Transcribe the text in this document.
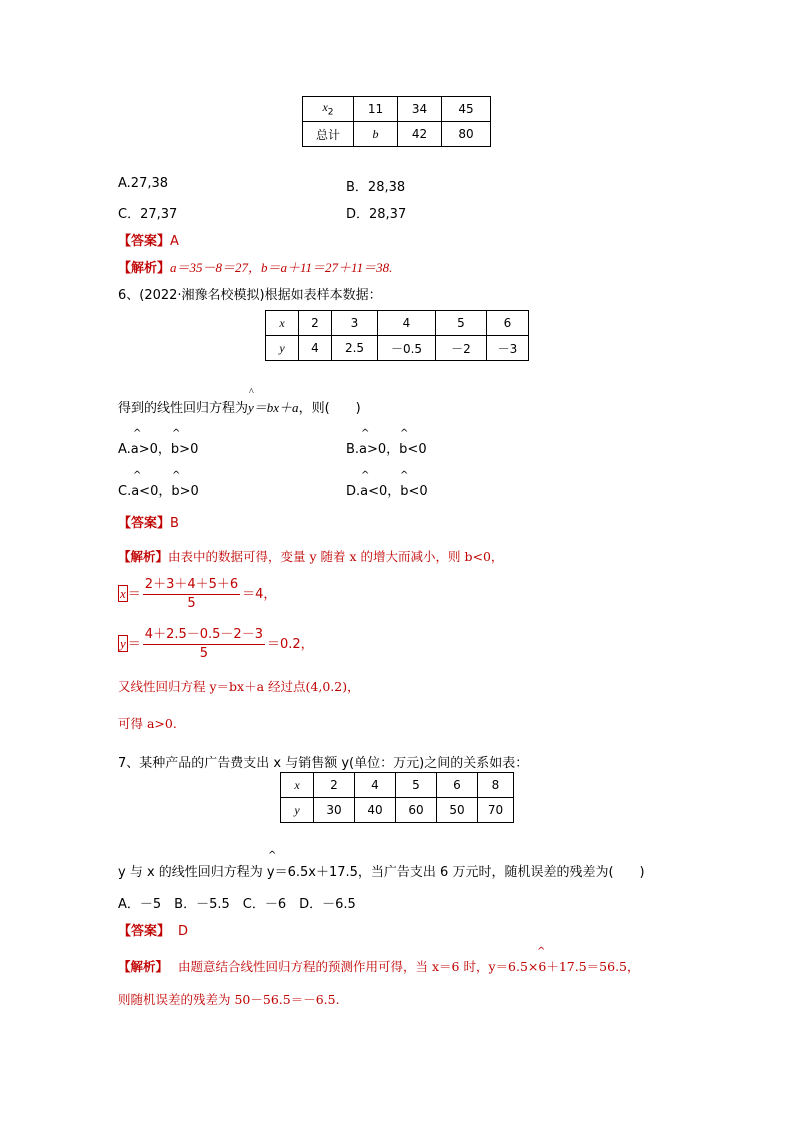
$x_2$	11	34	45
总计	b	42	80
A.27,38	B．28,38
C．27,37	D．28,37
【答案】A
【解析】a＝35－8＝27，b＝a＋11＝27＋11＝38.
6、(2022·湘豫名校模拟)根据如表样本数据：
x	2	3	4	5	6
y	4	2.5	－0.5	－2	－3
得到的线性回归方程为^ y＝bx＋a，则(　　)
A.a>0，b>0	B.a>0，b<0
C.a<0，b>0	D.a<0，b<0
^	^	^	^
^	^	^	^
【答案】B
【解析】由表中的数据可得，变量 y 随着 x 的增大而减小，则 b<0，
$x = \frac{2+3+4+5+6}{5} =4$，
$y = \frac{4+2.5-0.5-2-3}{5} =0.2$，
又线性回归方程 y＝bx＋a 经过点(4,0.2)，
可得 a>0.
7、某种产品的广告费支出 x 与销售额 y(单位：万元)之间的关系如表：
x	2	4	5	6	8
y	30	40	60	50	70
y 与 x 的线性回归方程为 y＝6.5x＋17.5，当广告支出 6 万元时，随机误差的残差为(　　)
^
A．－5　B．－5.5　C．－6　D．－6.5
【答案】 D
【解析】 由题意结合线性回归方程的预测作用可得，当 x＝6 时，y＝6.5×6＋17.5＝56.5，
^
则随机误差的残差为 50－56.5＝－6.5.
